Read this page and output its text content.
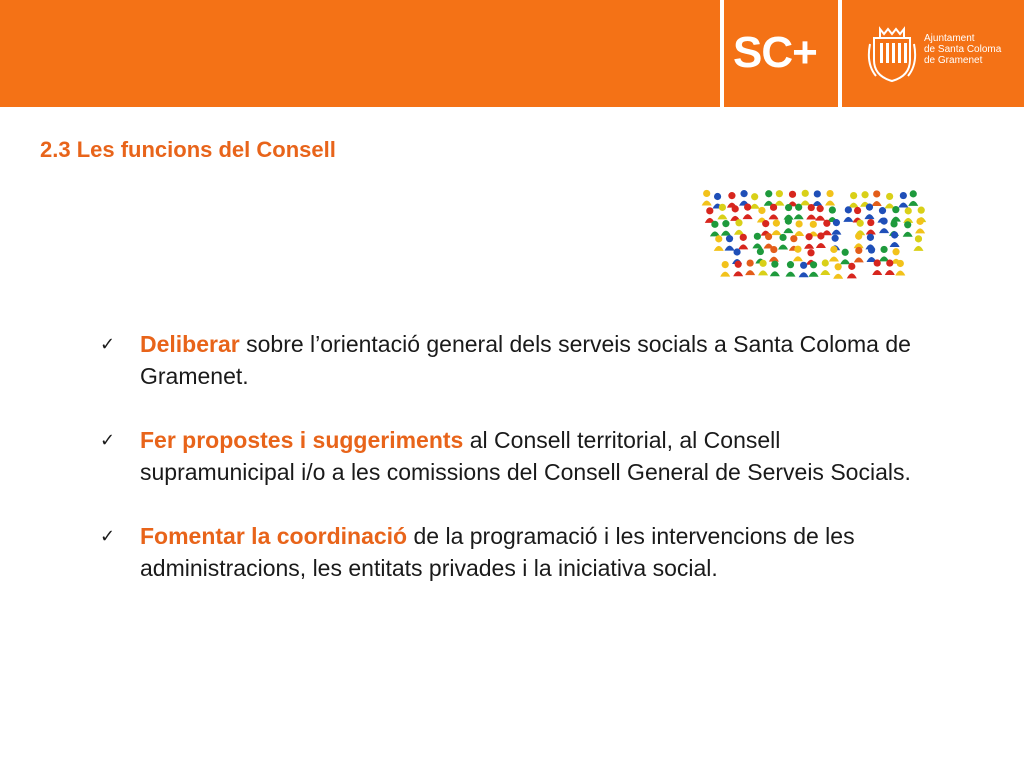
SC+	Ajuntament
de Santa Coloma
de Gramenet
2.3 Les funcions del Consell
✓ Deliberar sobre l’orientació general dels serveis socials a Santa Coloma de Gramenet.
✓ Fer propostes i suggeriments al Consell territorial, al Consell supramunicipal i/o a les comissions del Consell General de Serveis Socials.
✓ Fomentar la coordinació de la programació i les intervencions de les administracions, les entitats privades i la iniciativa social.
